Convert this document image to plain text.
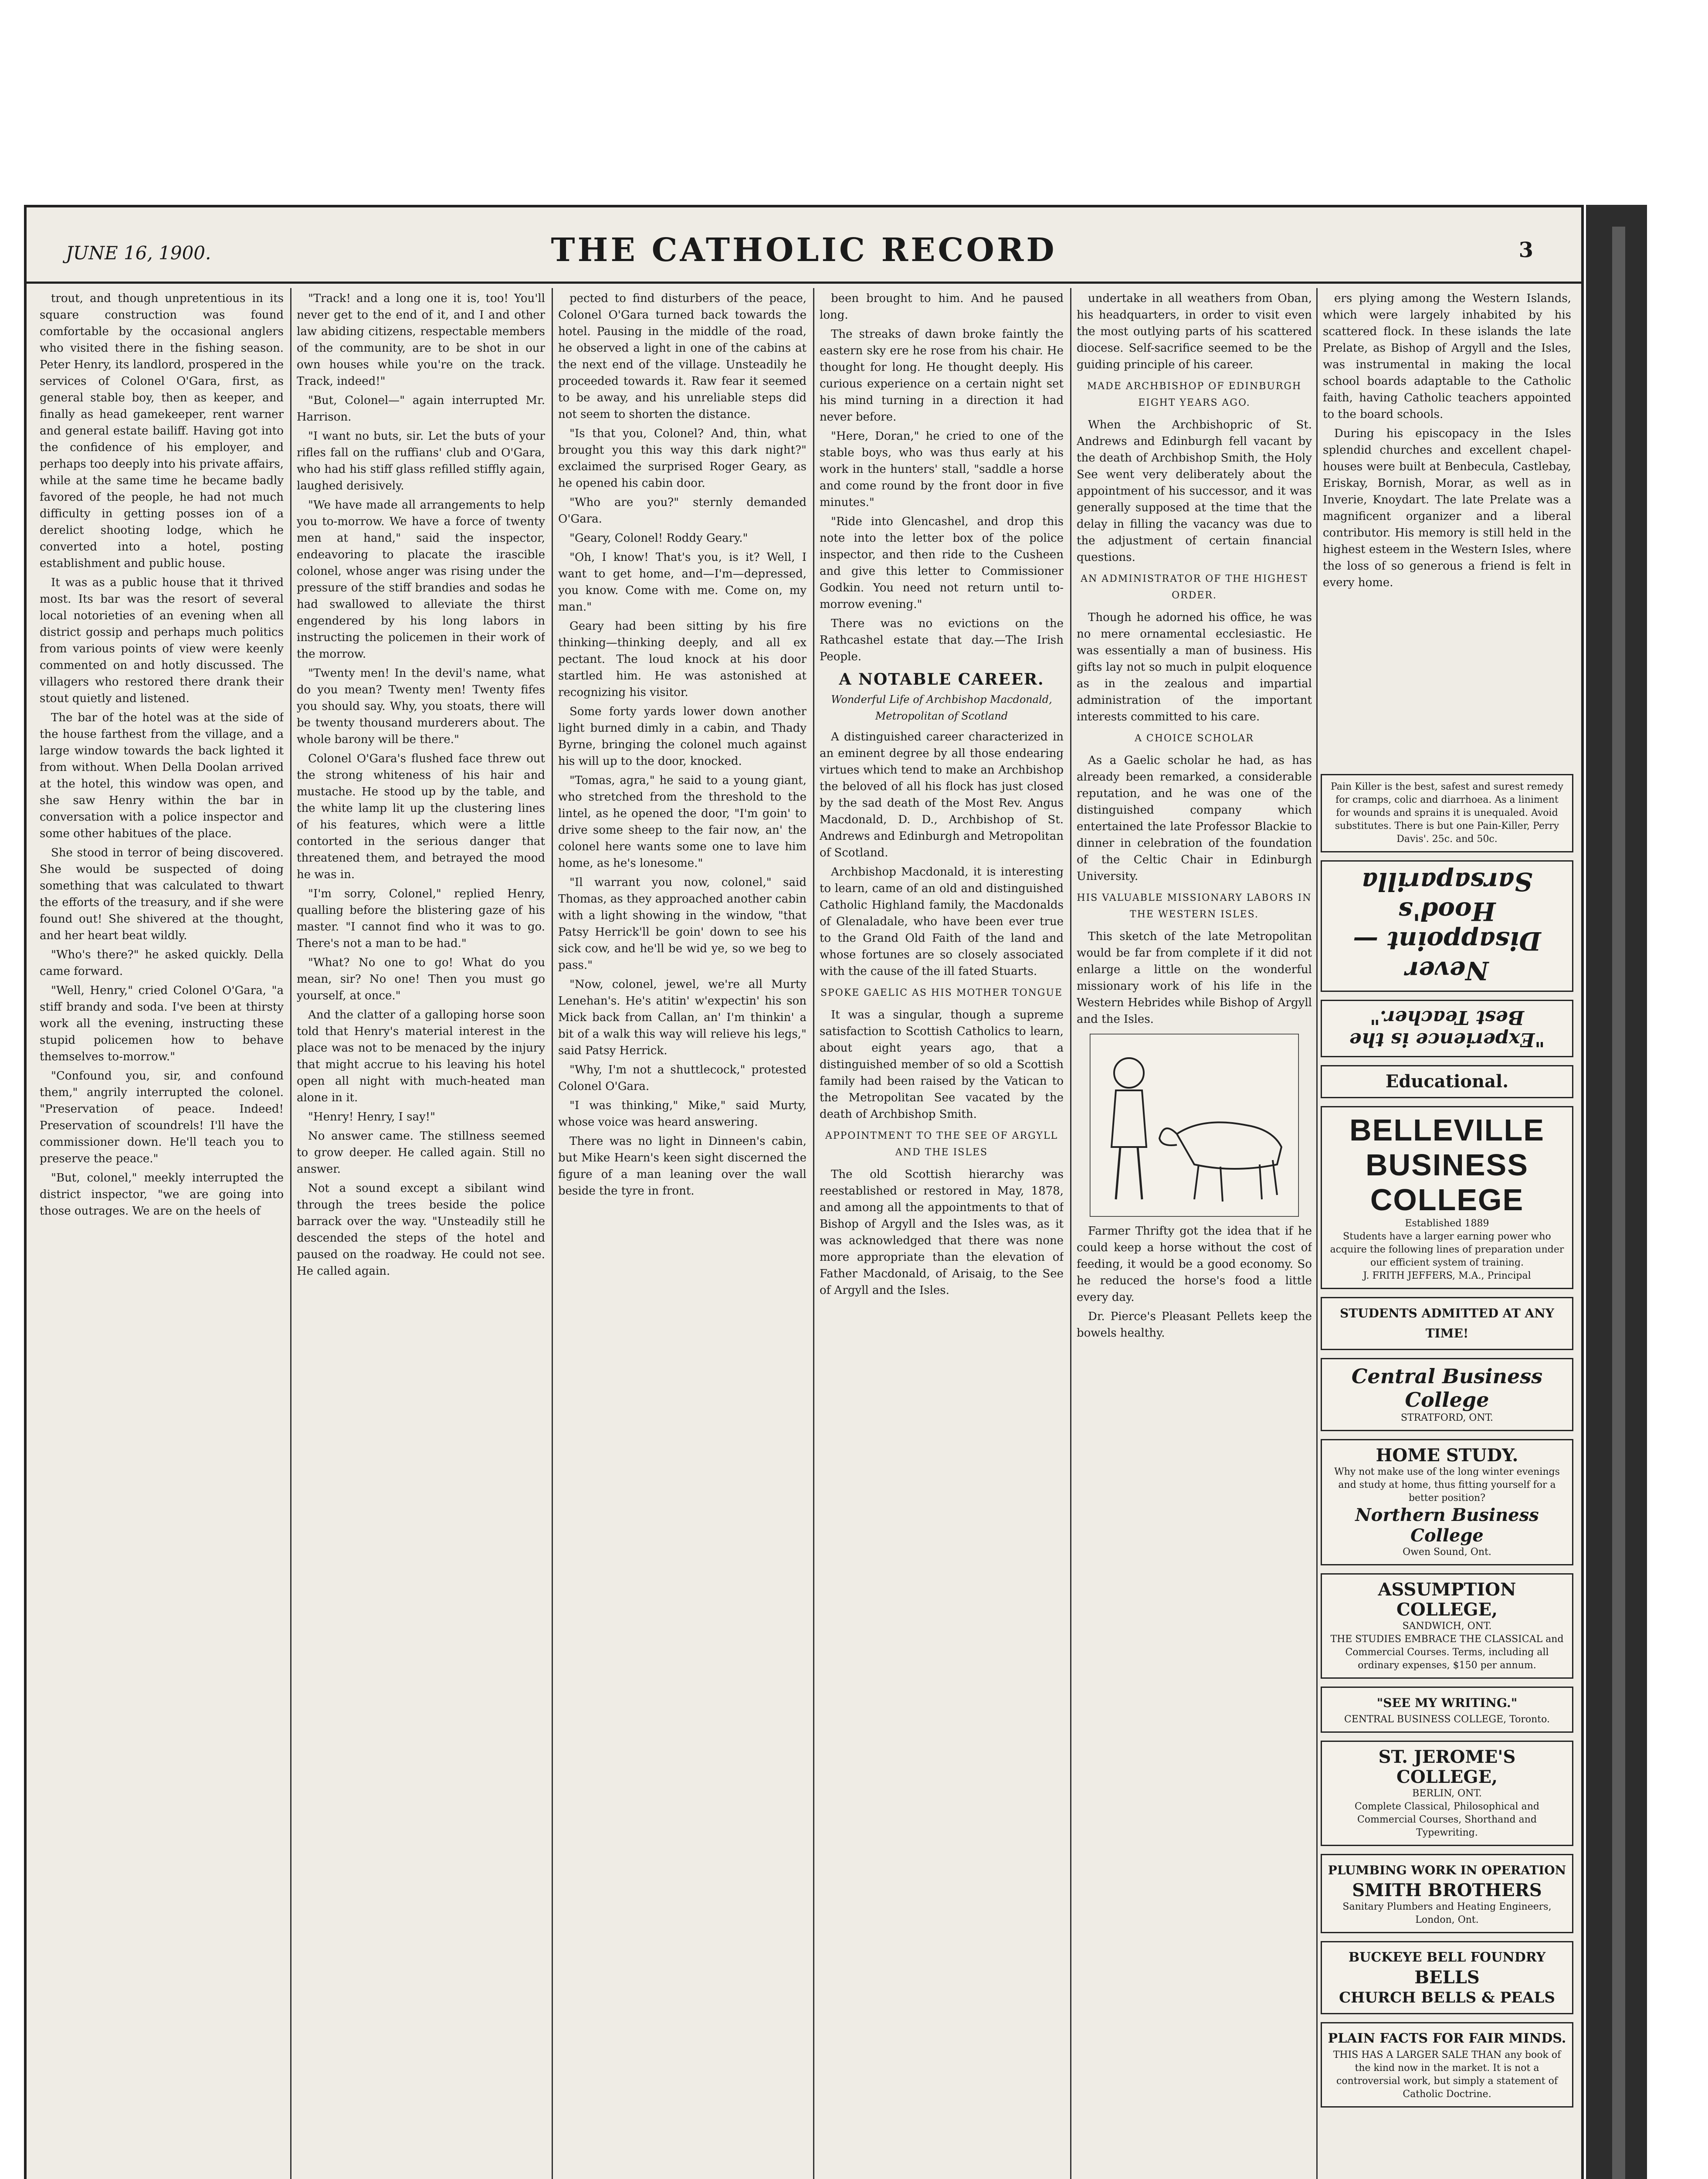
JUNE 16, 1900.	THE CATHOLIC RECORD	3

trout, and though unpretentious in its square construction was found comfortable by the occasional anglers who visited there in the fishing season. Peter Henry, its landlord, prospered in the services of Colonel O'Gara, first, as general stable boy, then as keeper, and finally as head gamekeeper, rent warner and general estate bailiff. Having got into the confidence of his employer, and perhaps too deeply into his private affairs, while at the same time he became badly favored of the people, he had not much difficulty in getting posses ion of a derelict shooting lodge, which he converted into a hotel, posting establishment and public house.

It was as a public house that it thrived most. Its bar was the resort of several local notorieties of an evening when all district gossip and perhaps much politics from various points of view were keenly commented on and hotly discussed. The villagers who restored there drank their stout quietly and listened.

The bar of the hotel was at the side of the house farthest from the village, and a large window towards the back lighted it from without. When Della Doolan arrived at the hotel, this window was open, and she saw Henry within the bar in conversation with a police inspector and some other habitues of the place.

She stood in terror of being discovered. She would be suspected of doing something that was calculated to thwart the efforts of the treasury, and if she were found out! She shivered at the thought, and her heart beat wildly.

"Who's there?" he asked quickly. Della came forward.

"Well, Henry," cried Colonel O'Gara, "a stiff brandy and soda. I've been at thirsty work all the evening, instructing these stupid policemen how to behave themselves to-morrow."

"Confound you, sir, and confound them," angrily interrupted the colonel. "Preservation of peace. Indeed! Preservation of scoundrels! I'll have the commissioner down. He'll teach you to preserve the peace."

"But, colonel," meekly interrupted the district inspector, "we are going into those outrages. We are on the heels of

"Track! and a long one it is, too! You'll never get to the end of it, and I and other law abiding citizens, respectable members of the community, are to be shot in our own houses while you're on the track. Track, indeed!"

"But, Colonel—" again interrupted Mr. Harrison.

"I want no buts, sir. Let the buts of your rifles fall on the ruffians' club and O'Gara, who had his stiff glass refilled stiffly again, laughed derisively.

"We have made all arrangements to help you to-morrow. We have a force of twenty men at hand," said the inspector, endeavoring to placate the irascible colonel, whose anger was rising under the pressure of the stiff brandies and sodas he had swallowed to alleviate the thirst engendered by his long labors in instructing the policemen in their work of the morrow.

"Twenty men! In the devil's name, what do you mean? Twenty men! Twenty fifes you should say. Why, you stoats, there will be twenty thousand murderers about. The whole barony will be there."

Colonel O'Gara's flushed face threw out the strong whiteness of his hair and mustache. He stood up by the table, and the white lamp lit up the clustering lines of his features, which were a little contorted in the serious danger that threatened them, and betrayed the mood he was in.

"I'm sorry, Colonel," replied Henry, qualling before the blistering gaze of his master. "I cannot find who it was to go. There's not a man to be had."

"What? No one to go! What do you mean, sir? No one! Then you must go yourself, at once."

And the clatter of a galloping horse soon told that Henry's material interest in the place was not to be menaced by the injury that might accrue to his leaving his hotel open all night with much-heated man alone in it.

"Henry! Henry, I say!"

No answer came. The stillness seemed to grow deeper. He called again. Still no answer.

Not a sound except a sibilant wind through the trees beside the police barrack over the way. "Unsteadily still he descended the steps of the hotel and paused on the roadway. He could not see. He called again.

pected to find disturbers of the peace, Colonel O'Gara turned back towards the hotel. Pausing in the middle of the road, he observed a light in one of the cabins at the next end of the village. Unsteadily he proceeded towards it. Raw fear it seemed to be away, and his unreliable steps did not seem to shorten the distance.

"Is that you, Colonel? And, thin, what brought you this way this dark night?" exclaimed the surprised Roger Geary, as he opened his cabin door.

"Who are you?" sternly demanded O'Gara.

"Geary, Colonel! Roddy Geary."

"Oh, I know! That's you, is it? Well, I want to get home, and—I'm—depressed, you know. Come with me. Come on, my man."

Geary had been sitting by his fire thinking—thinking deeply, and all ex pectant. The loud knock at his door startled him. He was astonished at recognizing his visitor.

Some forty yards lower down another light burned dimly in a cabin, and Thady Byrne, bringing the colonel much against his will up to the door, knocked.

"Tomas, agra," he said to a young giant, who stretched from the threshold to the lintel, as he opened the door, "I'm goin' to drive some sheep to the fair now, an' the colonel here wants some one to lave him home, as he's lonesome."

"Il warrant you now, colonel," said Thomas, as they approached another cabin with a light showing in the window, "that Patsy Herrick'll be goin' down to see his sick cow, and he'll be wid ye, so we beg to pass."

"Now, colonel, jewel, we're all Murty Lenehan's. He's atitin' w'expectin' his son Mick back from Callan, an' I'm thinkin' a bit of a walk this way will relieve his legs," said Patsy Herrick.

"Why, I'm not a shuttlecock," protested Colonel O'Gara.

"I was thinking," Mike," said Murty, whose voice was heard answering.

There was no light in Dinneen's cabin, but Mike Hearn's keen sight discerned the figure of a man leaning over the wall beside the tyre in front.

been brought to him. And he paused long.

The streaks of dawn broke faintly the eastern sky ere he rose from his chair. He thought for long. He thought deeply. His curious experience on a certain night set his mind turning in a direction it had never before.

"Here, Doran," he cried to one of the stable boys, who was thus early at his work in the hunters' stall, "saddle a horse and come round by the front door in five minutes."

"Ride into Glencashel, and drop this note into the letter box of the police inspector, and then ride to the Cusheen and give this letter to Commissioner Godkin. You need not return until to-morrow evening."

There was no evictions on the Rathcashel estate that day.—The Irish People.

A NOTABLE CAREER.
Wonderful Life of Archbishop Macdonald, Metropolitan of Scotland

A distinguished career characterized in an eminent degree by all those endearing virtues which tend to make an Archbishop the beloved of all his flock has just closed by the sad death of the Most Rev. Angus Macdonald, D. D., Archbishop of St. Andrews and Edinburgh and Metropolitan of Scotland.

Archbishop Macdonald, it is interesting to learn, came of an old and distinguished Catholic Highland family, the Macdonalds of Glenaladale, who have been ever true to the Grand Old Faith of the land and whose fortunes are so closely associated with the cause of the ill fated Stuarts.

SPOKE GAELIC AS HIS MOTHER TONGUE

It was a singular, though a supreme satisfaction to Scottish Catholics to learn, about eight years ago, that a distinguished member of so old a Scottish family had been raised by the Vatican to the Metropolitan See vacated by the death of Archbishop Smith.

APPOINTMENT TO THE SEE OF ARGYLL AND THE ISLES

The old Scottish hierarchy was reestablished or restored in May, 1878, and among all the appointments to that of Bishop of Argyll and the Isles was, as it was acknowledged that there was none more appropriate than the elevation of Father Macdonald, of Arisaig, to the See of Argyll and the Isles.

undertake in all weathers from Oban, his headquarters, in order to visit even the most outlying parts of his scattered diocese. Self-sacrifice seemed to be the guiding principle of his career.

MADE ARCHBISHOP OF EDINBURGH EIGHT YEARS AGO.

When the Archbishopric of St. Andrews and Edinburgh fell vacant by the death of Archbishop Smith, the Holy See went very deliberately about the appointment of his successor, and it was generally supposed at the time that the delay in filling the vacancy was due to the adjustment of certain financial questions.

AN ADMINISTRATOR OF THE HIGHEST ORDER.

Though he adorned his office, he was no mere ornamental ecclesiastic. He was essentially a man of business. His gifts lay not so much in pulpit eloquence as in the zealous and impartial administration of the important interests committed to his care.

A CHOICE SCHOLAR

As a Gaelic scholar he had, as has already been remarked, a considerable reputation, and he was one of the distinguished company which entertained the late Professor Blackie to dinner in celebration of the foundation of the Celtic Chair in Edinburgh University.

HIS VALUABLE MISSIONARY LABORS IN THE WESTERN ISLES.

This sketch of the late Metropolitan would be far from complete if it did not enlarge a little on the wonderful missionary work of his life in the Western Hebrides while Bishop of Argyll and the Isles.

Farmer Thrifty got the idea that if he could keep a horse without the cost of feeding, it would be a good economy. So he reduced the horse's food a little every day.

Dr. Pierce's Pleasant Pellets keep the bowels healthy.

ers plying among the Western Islands, which were largely inhabited by his scattered flock. In these islands the late Prelate, as Bishop of Argyll and the Isles, was instrumental in making the local school boards adaptable to the Catholic faith, having Catholic teachers appointed to the board schools.

During his episcopacy in the Isles splendid churches and excellent chapel-houses were built at Benbecula, Castlebay, Eriskay, Bornish, Morar, as well as in Inverie, Knoydart. The late Prelate was a magnificent organizer and a liberal contributor. His memory is still held in the highest esteem in the Western Isles, where the loss of so generous a friend is felt in every home.

Pain Killer is the best, safest and surest remedy for cramps, colic and diarrhoea. As a liniment for wounds and sprains it is unequaled. Avoid substitutes. There is but one Pain-Killer, Perry Davis'. 25c. and 50c.
Never Disappoint — Hood's Sarsaparilla
"Experience is the Best Teacher."
Educational.
BELLEVILLE BUSINESS COLLEGE
Established 1889
Students have a larger earning power who acquire the following lines of preparation under our efficient system of training.
J. FRITH JEFFERS, M.A., Principal
STUDENTS ADMITTED AT ANY TIME!
Central Business College
STRATFORD, ONT.
HOME STUDY.
Why not make use of the long winter evenings and study at home, thus fitting yourself for a better position?
Northern Business College
Owen Sound, Ont.
ASSUMPTION COLLEGE,
SANDWICH, ONT.
THE STUDIES EMBRACE THE CLASSICAL and Commercial Courses. Terms, including all ordinary expenses, $150 per annum.
"SEE MY WRITING."
CENTRAL BUSINESS COLLEGE, Toronto.
ST. JEROME'S COLLEGE,
BERLIN, ONT.
Complete Classical, Philosophical and Commercial Courses, Shorthand and Typewriting.
PLUMBING WORK IN OPERATION
SMITH BROTHERS
Sanitary Plumbers and Heating Engineers, London, Ont.
BUCKEYE BELL FOUNDRY
BELLS
CHURCH BELLS & PEALS
PLAIN FACTS FOR FAIR MINDS.
THIS HAS A LARGER SALE THAN any book of the kind now in the market. It is not a controversial work, but simply a statement of Catholic Doctrine.
